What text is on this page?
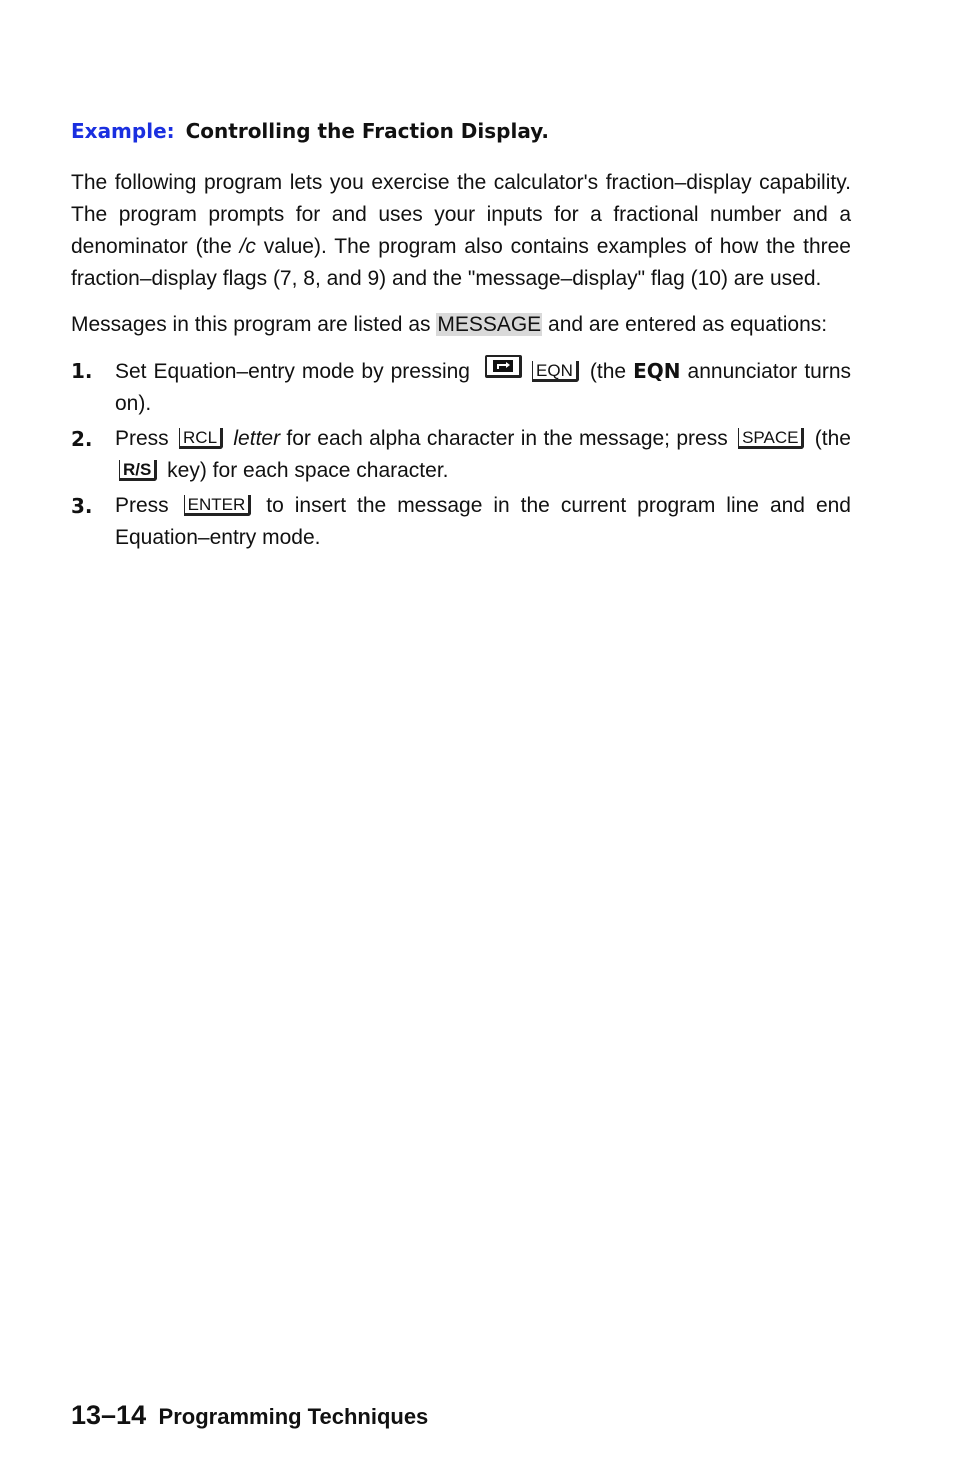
Example: Controlling the Fraction Display.

The following program lets you exercise the calculator's fraction–display capability. The program prompts for and uses your inputs for a fractional number and a denominator (the /c value). The program also contains examples of how the three fraction–display flags (7, 8, and 9) and the "message–display" flag (10) are used.

Messages in this program are listed as MESSAGE and are entered as equations:

1. Set Equation–entry mode by pressing	EQN (the EQN annunciator turns on).
2. Press RCL letter for each alpha character in the message; press SPACE (the R/S key) for each space character.
3. Press ENTER to insert the message in the current program line and end Equation–entry mode.
13–14 Programming Techniques
